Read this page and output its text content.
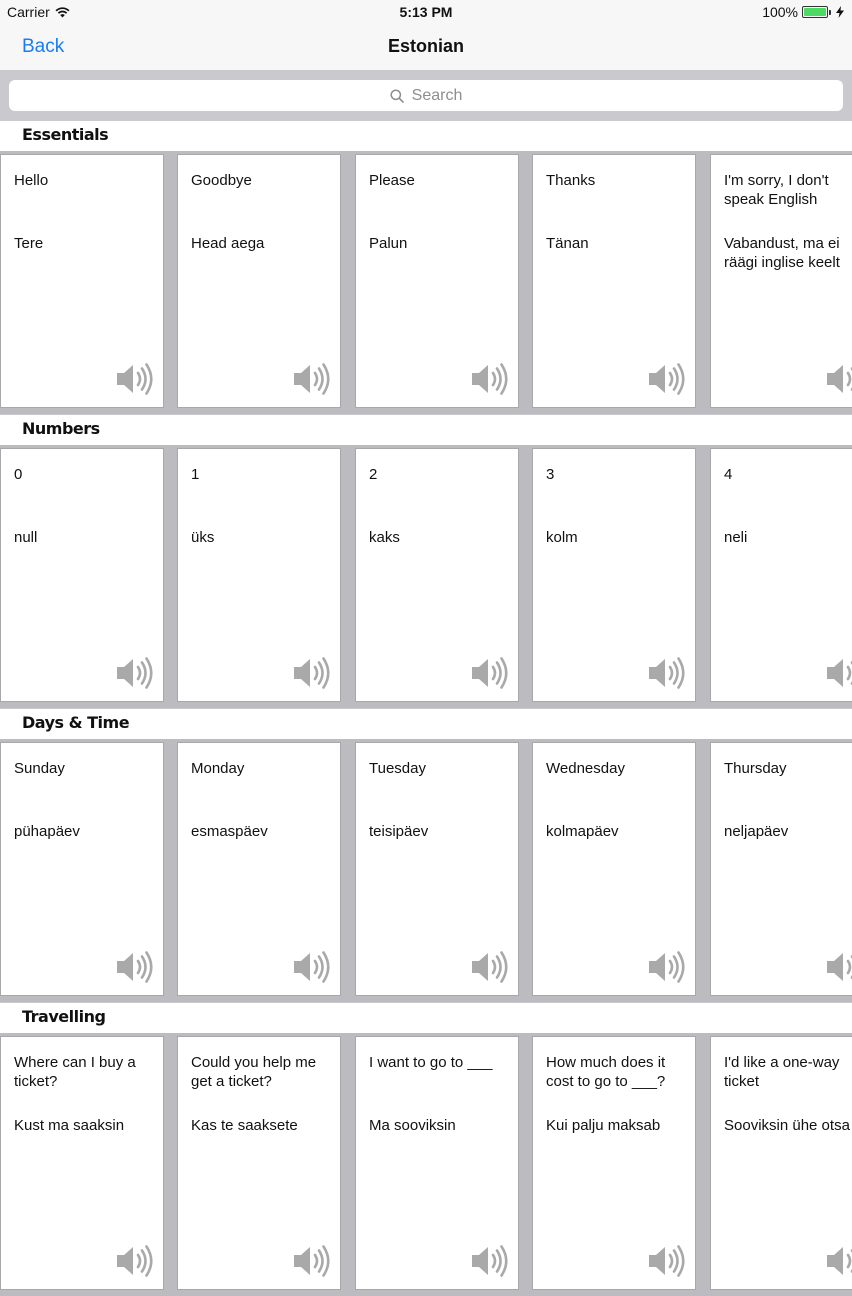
Carrier	5:13 PM	100%
Back	Estonian
Search
Essentials
Hello
Tere
Goodbye
Head aega
Please
Palun
Thanks
Tänan
I'm sorry, I don't speak English
Vabandust, ma ei räägi inglise keelt
Numbers
0
null
1
üks
2
kaks
3
kolm
4
neli
Days & Time
Sunday
pühapäev
Monday
esmaspäev
Tuesday
teisipäev
Wednesday
kolmapäev
Thursday
neljapäev
Travelling
Where can I buy a ticket?
Kust ma saaksin
Could you help me get a ticket?
Kas te saaksete
I want to go to ___
Ma sooviksin
How much does it cost to go to ___?
Kui palju maksab
I'd like a one-way ticket
Sooviksin ühe otsa
